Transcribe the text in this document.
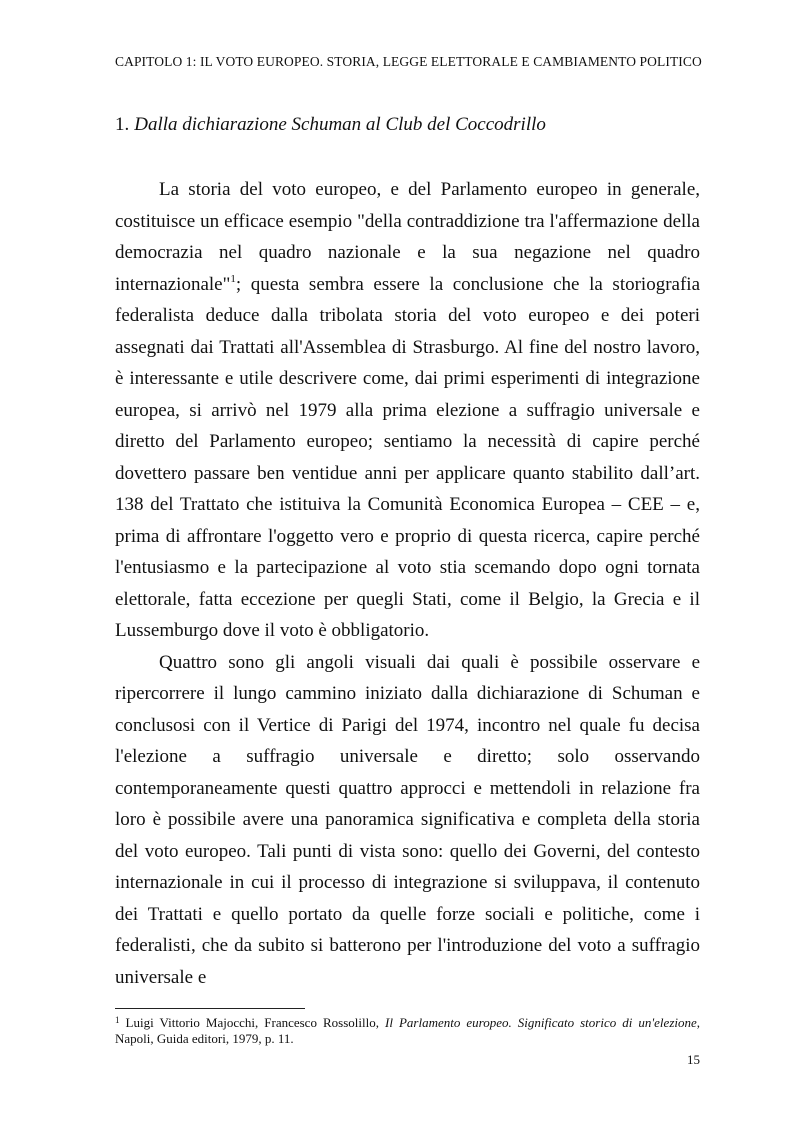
CAPITOLO 1: IL VOTO EUROPEO. STORIA, LEGGE ELETTORALE E CAMBIAMENTO POLITICO
1. Dalla dichiarazione Schuman al Club del Coccodrillo

La storia del voto europeo, e del Parlamento europeo in generale, costituisce un efficace esempio "della contraddizione tra l'affermazione della democrazia nel quadro nazionale e la sua negazione nel quadro internazionale"$^1$; questa sembra essere la conclusione che la storiografia federalista deduce dalla tribolata storia del voto europeo e dei poteri assegnati dai Trattati all'Assemblea di Strasburgo. Al fine del nostro lavoro, è interessante e utile descrivere come, dai primi esperimenti di integrazione europea, si arrivò nel 1979 alla prima elezione a suffragio universale e diretto del Parlamento europeo; sentiamo la necessità di capire perché dovettero passare ben ventidue anni per applicare quanto stabilito dall’art. 138 del Trattato che istituiva la Comunità Economica Europea – CEE – e, prima di affrontare l'oggetto vero e proprio di questa ricerca, capire perché l'entusiasmo e la partecipazione al voto stia scemando dopo ogni tornata elettorale, fatta eccezione per quegli Stati, come il Belgio, la Grecia e il Lussemburgo dove il voto è obbligatorio.

Quattro sono gli angoli visuali dai quali è possibile osservare e ripercorrere il lungo cammino iniziato dalla dichiarazione di Schuman e conclusosi con il Vertice di Parigi del 1974, incontro nel quale fu decisa l'elezione a suffragio universale e diretto; solo osservando contemporaneamente questi quattro approcci e mettendoli in relazione fra loro è possibile avere una panoramica significativa e completa della storia del voto europeo. Tali punti di vista sono: quello dei Governi, del contesto internazionale in cui il processo di integrazione si sviluppava, il contenuto dei Trattati e quello portato da quelle forze sociali e politiche, come i federalisti, che da subito si batterono per l'introduzione del voto a suffragio universale e

$^1$ Luigi Vittorio Majocchi, Francesco Rossolillo, Il Parlamento europeo. Significato storico di un'elezione, Napoli, Guida editori, 1979, p. 11.
15
